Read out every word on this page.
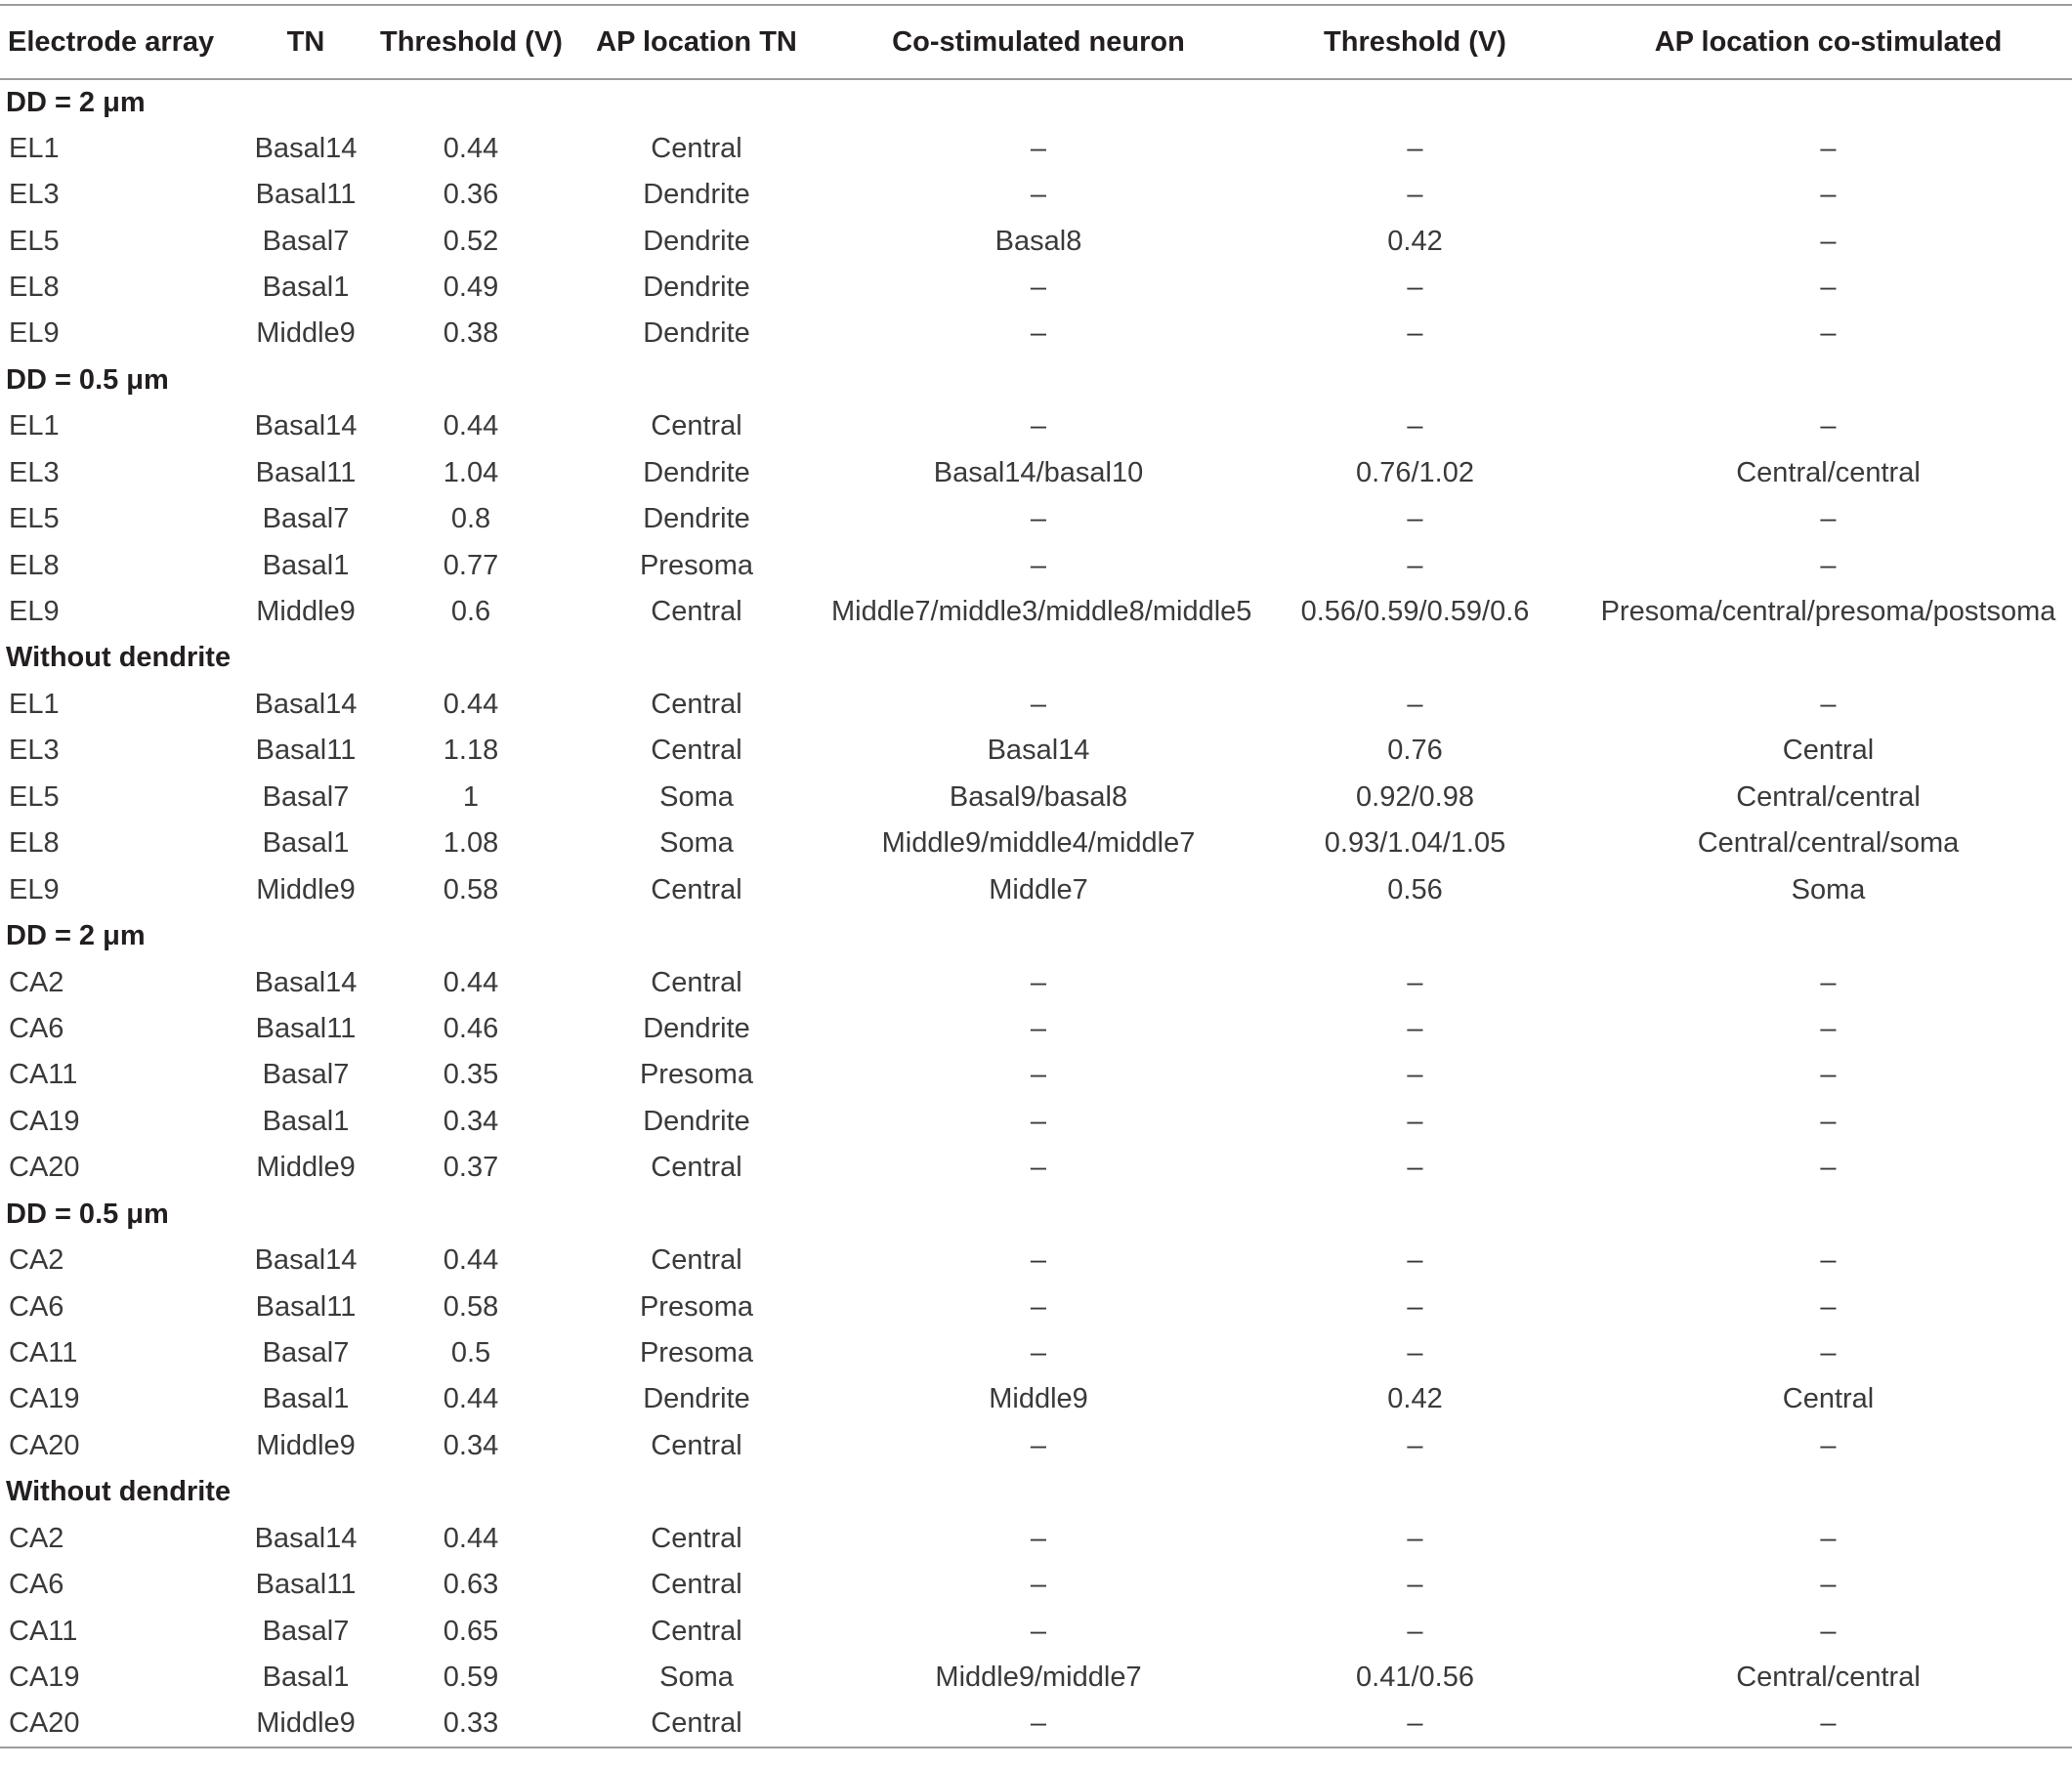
Electrode array	TN	Threshold (V)	AP location TN	Co-stimulated neuron	Threshold (V)	AP location co-stimulated
DD = 2 μm						
EL1	Basal14	0.44	Central	–	–	–
EL3	Basal11	0.36	Dendrite	–	–	–
EL5	Basal7	0.52	Dendrite	Basal8	0.42	–
EL8	Basal1	0.49	Dendrite	–	–	–
EL9	Middle9	0.38	Dendrite	–	–	–
DD = 0.5 μm						
EL1	Basal14	0.44	Central	–	–	–
EL3	Basal11	1.04	Dendrite	Basal14/basal10	0.76/1.02	Central/central
EL5	Basal7	0.8	Dendrite	–	–	–
EL8	Basal1	0.77	Presoma	–	–	–
EL9	Middle9	0.6	Central	Middle7/middle3/middle8/middle5	0.56/0.59/0.59/0.6	Presoma/central/presoma/postsoma
Without dendrite						
EL1	Basal14	0.44	Central	–	–	–
EL3	Basal11	1.18	Central	Basal14	0.76	Central
EL5	Basal7	1	Soma	Basal9/basal8	0.92/0.98	Central/central
EL8	Basal1	1.08	Soma	Middle9/middle4/middle7	0.93/1.04/1.05	Central/central/soma
EL9	Middle9	0.58	Central	Middle7	0.56	Soma
DD = 2 μm						
CA2	Basal14	0.44	Central	–	–	–
CA6	Basal11	0.46	Dendrite	–	–	–
CA11	Basal7	0.35	Presoma	–	–	–
CA19	Basal1	0.34	Dendrite	–	–	–
CA20	Middle9	0.37	Central	–	–	–
DD = 0.5 μm						
CA2	Basal14	0.44	Central	–	–	–
CA6	Basal11	0.58	Presoma	–	–	–
CA11	Basal7	0.5	Presoma	–	–	–
CA19	Basal1	0.44	Dendrite	Middle9	0.42	Central
CA20	Middle9	0.34	Central	–	–	–
Without dendrite						
CA2	Basal14	0.44	Central	–	–	–
CA6	Basal11	0.63	Central	–	–	–
CA11	Basal7	0.65	Central	–	–	–
CA19	Basal1	0.59	Soma	Middle9/middle7	0.41/0.56	Central/central
CA20	Middle9	0.33	Central	–	–	–
